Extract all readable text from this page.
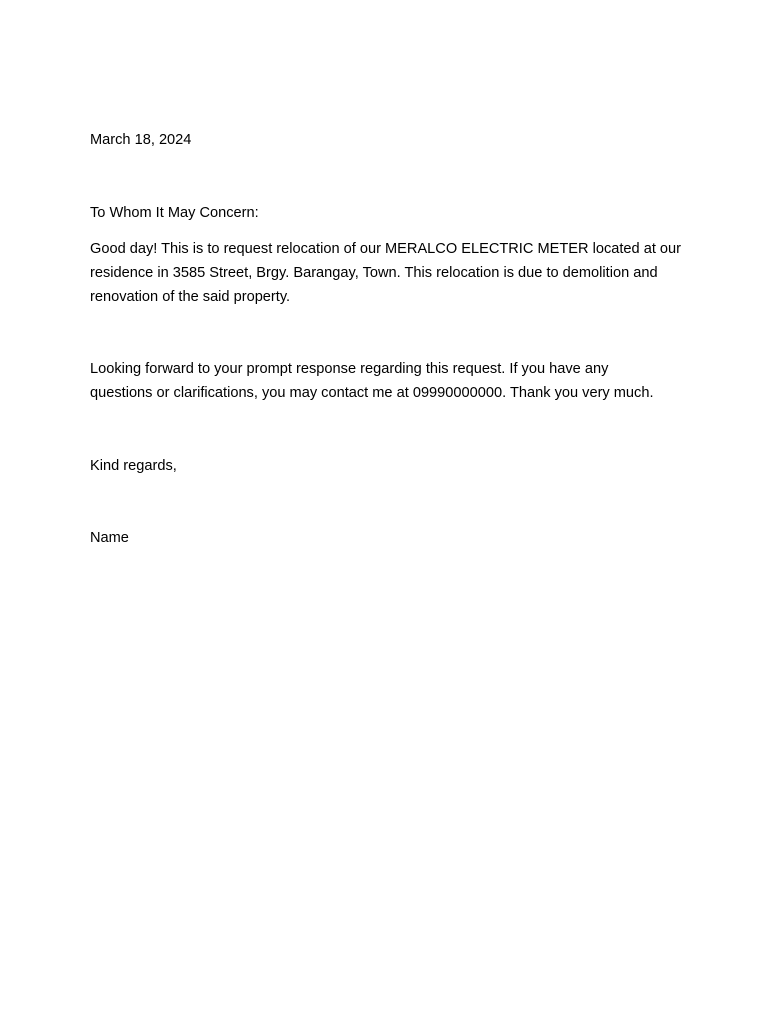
March 18, 2024

To Whom It May Concern:

Good day! This is to request relocation of our MERALCO ELECTRIC METER located at our
residence in 3585 Street, Brgy. Barangay, Town. This relocation is due to demolition and
renovation of the said property.

Looking forward to your prompt response regarding this request. If you have any
questions or clarifications, you may contact me at 09990000000. Thank you very much.

Kind regards,

Name
